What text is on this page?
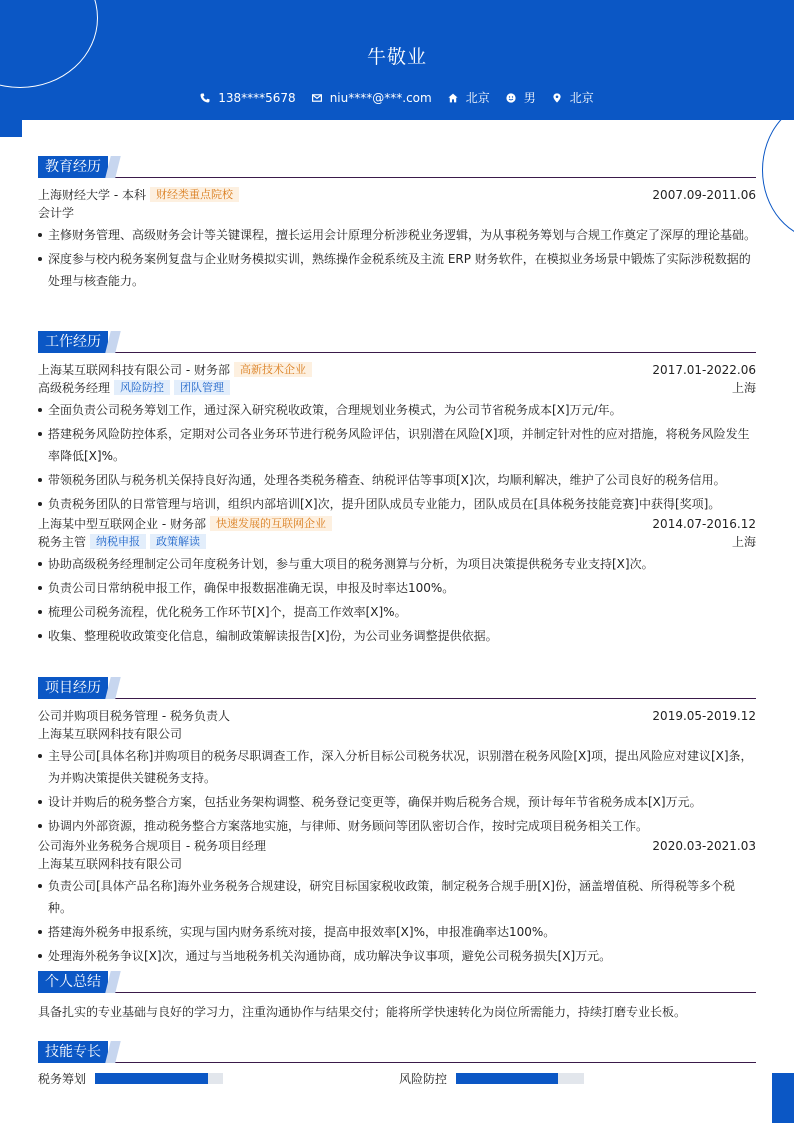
牛敬业
138****5678	niu****@***.com	北京	男	北京
教育经历
上海财经大学 - 本科 财经类重点院校	2007.09-2011.06
会计学
主修财务管理、高级财务会计等关键课程，擅长运用会计原理分析涉税业务逻辑，为从事税务筹划与合规工作奠定了深厚的理论基础。
深度参与校内税务案例复盘与企业财务模拟实训，熟练操作金税系统及主流 ERP 财务软件，在模拟业务场景中锻炼了实际涉税数据的处理与核查能力。
工作经历
上海某互联网科技有限公司 - 财务部 高新技术企业	2017.01-2022.06
高级税务经理 风险防控 团队管理	上海
全面负责公司税务筹划工作，通过深入研究税收政策，合理规划业务模式，为公司节省税务成本[X]万元/年。
搭建税务风险防控体系，定期对公司各业务环节进行税务风险评估，识别潜在风险[X]项，并制定针对性的应对措施，将税务风险发生率降低[X]%。
带领税务团队与税务机关保持良好沟通，处理各类税务稽查、纳税评估等事项[X]次，均顺利解决，维护了公司良好的税务信用。
负责税务团队的日常管理与培训，组织内部培训[X]次，提升团队成员专业能力，团队成员在[具体税务技能竞赛]中获得[奖项]。
上海某中型互联网企业 - 财务部 快速发展的互联网企业	2014.07-2016.12
税务主管 纳税申报 政策解读	上海
协助高级税务经理制定公司年度税务计划，参与重大项目的税务测算与分析，为项目决策提供税务专业支持[X]次。
负责公司日常纳税申报工作，确保申报数据准确无误，申报及时率达100%。
梳理公司税务流程，优化税务工作环节[X]个，提高工作效率[X]%。
收集、整理税收政策变化信息，编制政策解读报告[X]份，为公司业务调整提供依据。
项目经历
公司并购项目税务管理 - 税务负责人	2019.05-2019.12
上海某互联网科技有限公司
主导公司[具体名称]并购项目的税务尽职调查工作，深入分析目标公司税务状况，识别潜在税务风险[X]项，提出风险应对建议[X]条，为并购决策提供关键税务支持。
设计并购后的税务整合方案，包括业务架构调整、税务登记变更等，确保并购后税务合规，预计每年节省税务成本[X]万元。
协调内外部资源，推动税务整合方案落地实施，与律师、财务顾问等团队密切合作，按时完成项目税务相关工作。
公司海外业务税务合规项目 - 税务项目经理	2020.03-2021.03
上海某互联网科技有限公司
负责公司[具体产品名称]海外业务税务合规建设，研究目标国家税收政策，制定税务合规手册[X]份，涵盖增值税、所得税等多个税种。
搭建海外税务申报系统，实现与国内财务系统对接，提高申报效率[X]%，申报准确率达100%。
处理海外税务争议[X]次，通过与当地税务机关沟通协商，成功解决争议事项，避免公司税务损失[X]万元。
个人总结
具备扎实的专业基础与良好的学习力，注重沟通协作与结果交付；能将所学快速转化为岗位所需能力，持续打磨专业长板。
技能专长
税务筹划	风险防控
